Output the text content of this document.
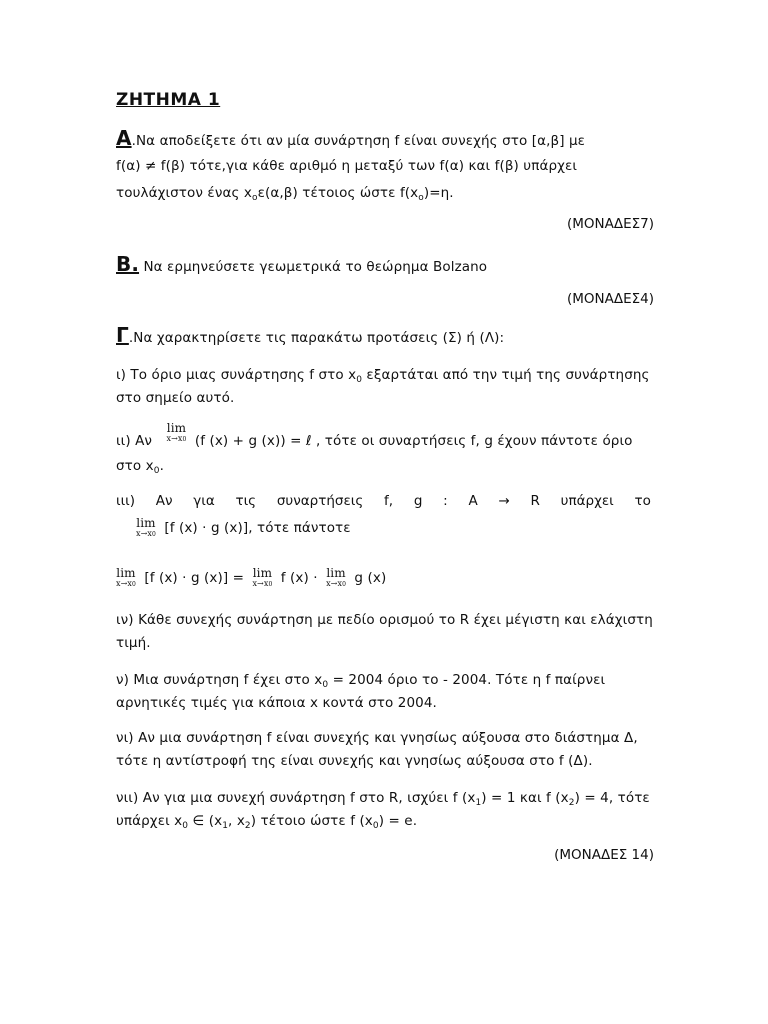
ΖΗΤΗΜΑ 1
Α.Να αποδείξετε ότι αν μία συνάρτηση f είναι συνεχής στο [α,β] με
f(α) ≠ f(β) τότε,για κάθε αριθμό η μεταξύ των f(α) και f(β) υπάρχει
τουλάχιστον ένας $x_o\varepsilon(\alpha,\beta)$ τέτοιος ώστε $f(x_o)=\eta$.
(ΜΟΝΑΔΕΣ7)
Β. Να ερμηνεύσετε γεωμετρικά το θεώρημα Bolzano
(ΜΟΝΑΔΕΣ4)
Γ.Να χαρακτηρίσετε τις παρακάτω προτάσεις (Σ) ή (Λ):
ι) Το όριο μιας συνάρτησης f στο $x_0$ εξαρτάται από την τιμή της συνάρτησης
στο σημείο αυτό.
ιι) Αν
lim
x→x0 (f (x) + g (x)) = ℓ , τότε οι συναρτήσεις f, g έχουν πάντοτε όριο
στο $x_0$.
ιιι) Αν για τις συναρτήσεις f, g : A → R υπάρχει το
lim
x→x0 [f (x) · g (x)], τότε πάντοτε
lim
x→x0 [f (x) · g (x)] = lim
x→x0 f (x) · lim
x→x0 g (x)
ιν) Κάθε συνεχής συνάρτηση με πεδίο ορισμού το R έχει μέγιστη και ελάχιστη
τιμή.
ν) Μια συνάρτηση f έχει στο $x_0 = 2004$ όριο το - 2004. Τότε η f παίρνει
αρνητικές τιμές για κάποια x κοντά στο 2004.
νι) Αν μια συνάρτηση f είναι συνεχής και γνησίως αύξουσα στο διάστημα Δ,
τότε η αντίστροφή της είναι συνεχής και γνησίως αύξουσα στο f (Δ).
νιι) Αν για μια συνεχή συνάρτηση f στο R, ισχύει f $(x_1) = 1$ και f $(x_2) = 4$, τότε
υπάρχει $x_0$ ∈ ($x_1$, $x_2$) τέτοιο ώστε f $(x_0) = e$.
(ΜΟΝΑΔΕΣ 14)
